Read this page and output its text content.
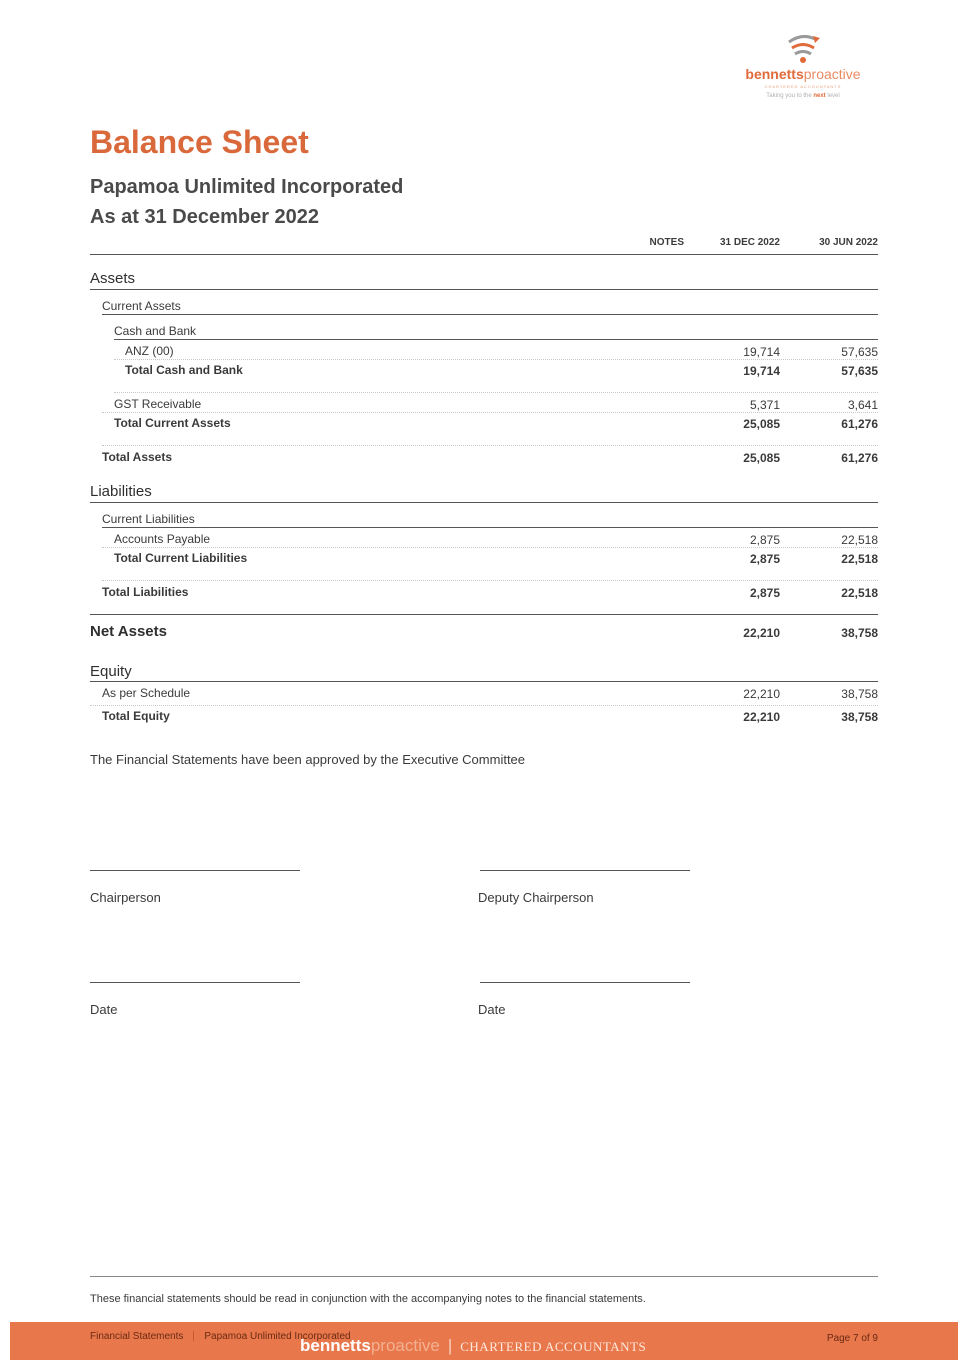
bennettsproactive
CHARTERED ACCOUNTANTS
Taking you to the next level
Balance Sheet
Papamoa Unlimited Incorporated
As at 31 December 2022
NOTES	31 DEC 2022	30 JUN 2022
Assets
Current Assets
Cash and Bank
ANZ (00)	19,714	57,635
Total Cash and Bank	19,714	57,635
GST Receivable	5,371	3,641
Total Current Assets	25,085	61,276
Total Assets	25,085	61,276
Liabilities
Current Liabilities
Accounts Payable	2,875	22,518
Total Current Liabilities	2,875	22,518
Total Liabilities	2,875	22,518
Net Assets	22,210	38,758
Equity
As per Schedule	22,210	38,758
Total Equity	22,210	38,758
The Financial Statements have been approved by the Executive Committee
Chairperson	Deputy Chairperson
Date	Date
These financial statements should be read in conjunction with the accompanying notes to the financial statements.
Financial Statements Papamoa Unlimited Incorporated
bennettsproactive | CHARTERED ACCOUNTANTS
Page 7 of 9
